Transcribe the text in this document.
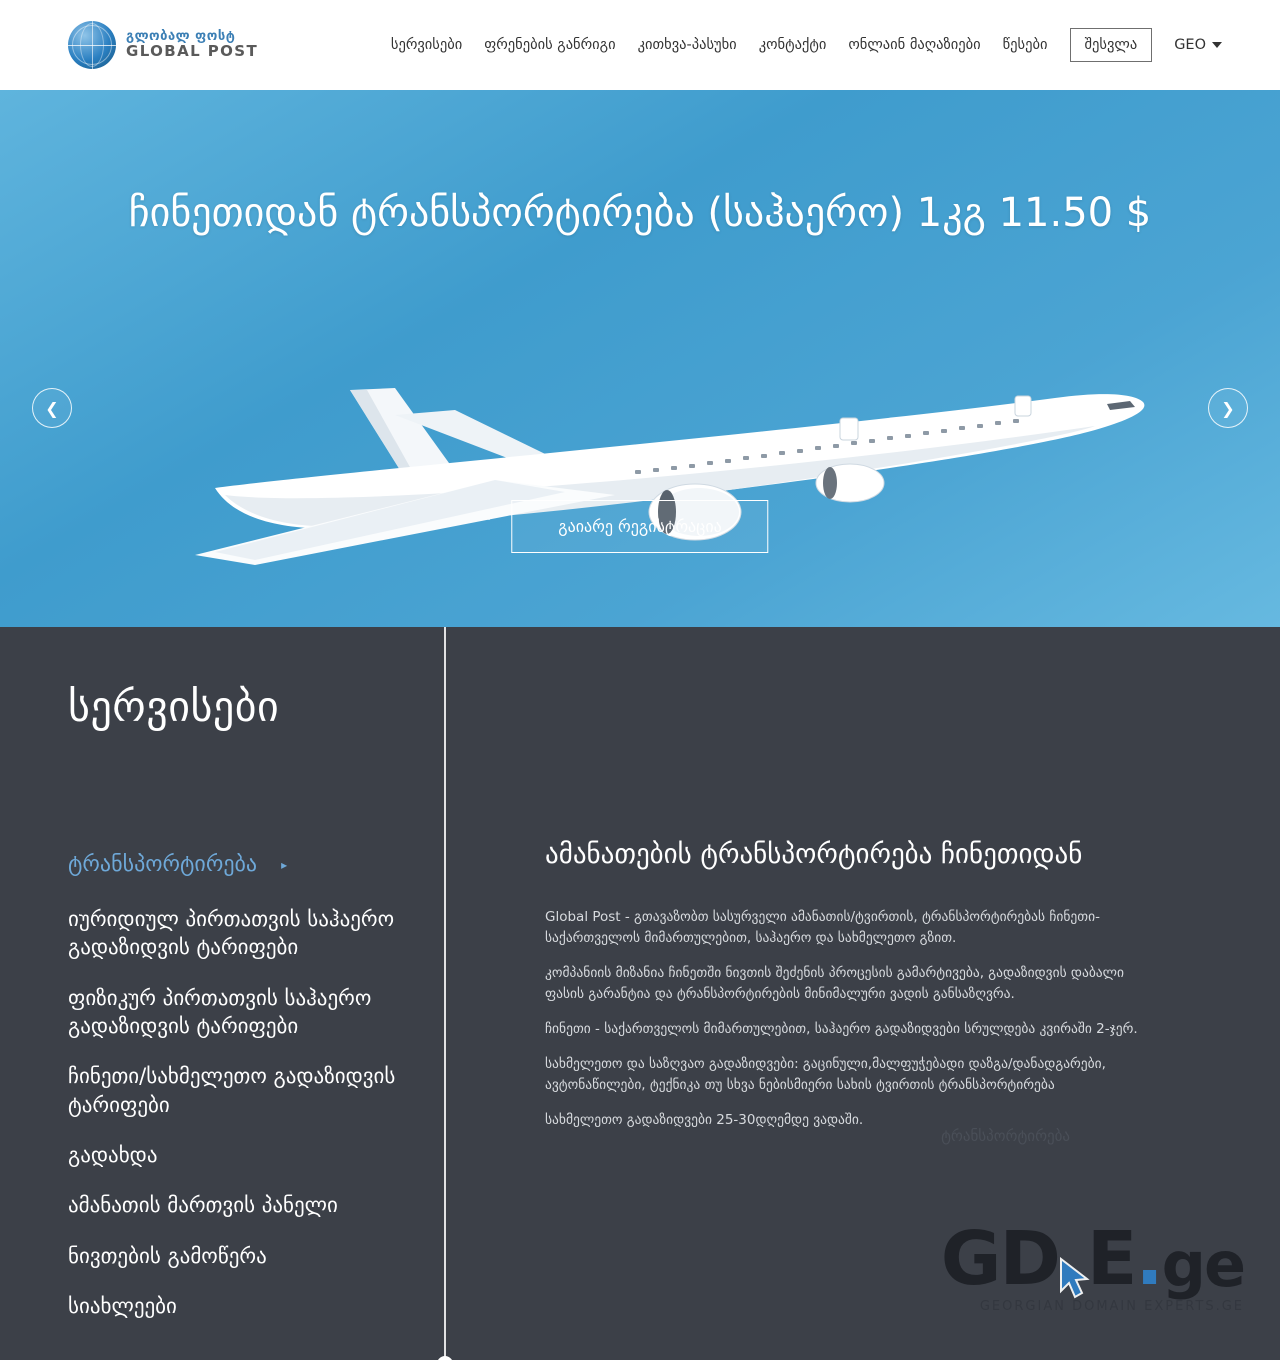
გლობალ ფოსტ
GLOBAL POST	სერვისები ფრენების განრიგი კითხვა-პასუხი კონტაქტი ონლაინ მაღაზიები წესები	შესვლა	GEO
ჩინეთიდან ტრანსპორტირება (საჰაერო) 1კგ 11.50 $
გაიარე რეგისტრაცია
❮	❯
სერვისები
ტრანსპორტირება ▸
იურიდიულ პირთათვის საჰაერო გადაზიდვის ტარიფები
ფიზიკურ პირთათვის საჰაერო გადაზიდვის ტარიფები
ჩინეთი/სახმელეთო გადაზიდვის ტარიფები
გადახდა
ამანათის მართვის პანელი
ნივთების გამოწერა
სიახლეები
ამანათების ტრანსპორტირება ჩინეთიდან
Global Post - გთავაზობთ სასურველი ამანათის/ტვირთის, ტრანსპორტირებას ჩინეთი-საქართველოს მიმართულებით, საჰაერო და სახმელეთო გზით.
კომპანიის მიზანია ჩინეთში ნივთის შეძენის პროცესის გამარტივება, გადაზიდვის დაბალი ფასის გარანტია და ტრანსპორტირების მინიმალური ვადის განსაზღვრა.
ჩინეთი - საქართველოს მიმართულებით, საჰაერო გადაზიდვები სრულდება კვირაში 2-ჯერ.
სახმელეთო და საზღვაო გადაზიდვები: გაცინული,მალფუჭებადი დაზგა/დანადგარები, ავტონაწილები, ტექნიკა თუ სხვა ნებისმიერი სახის ტვირთის ტრანსპორტირება
სახმელეთო გადაზიდვები 25-30დღემდე ვადაში.
ტრანსპორტირება
GD E . ge
GEORGIAN DOMAIN EXPERTS.GE
